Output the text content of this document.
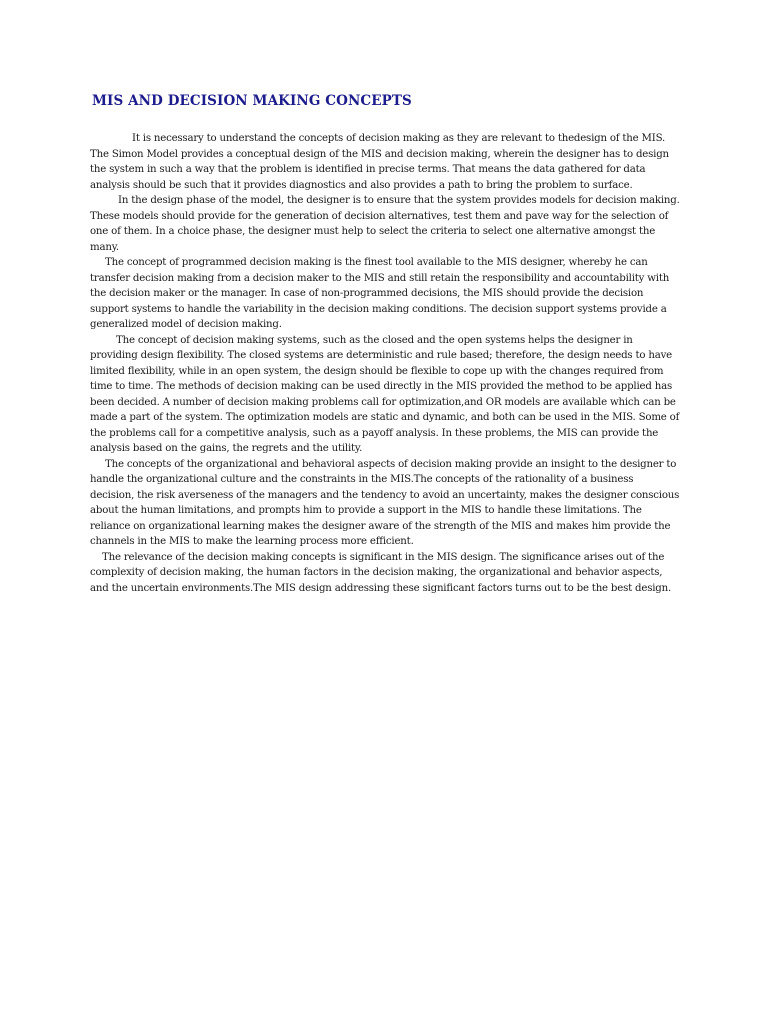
MIS AND DECISION MAKING CONCEPTS

It is necessary to understand the concepts of decision making as they are relevant to thedesign of the MIS. The Simon Model provides a conceptual design of the MIS and decision making, wherein the designer has to design the system in such a way that the problem is identified in precise terms. That means the data gathered for data analysis should be such that it provides diagnostics and also provides a path to bring the problem to surface.

In the design phase of the model, the designer is to ensure that the system provides models for decision making. These models should provide for the generation of decision alternatives, test them and pave way for the selection of one of them. In a choice phase, the designer must help to select the criteria to select one alternative amongst the many.

The concept of programmed decision making is the finest tool available to the MIS designer, whereby he can transfer decision making from a decision maker to the MIS and still retain the responsibility and accountability with the decision maker or the manager. In case of non-programmed decisions, the MIS should provide the decision support systems to handle the variability in the decision making conditions. The decision support systems provide a generalized model of decision making.

The concept of decision making systems, such as the closed and the open systems helps the designer in providing design flexibility. The closed systems are deterministic and rule based; therefore, the design needs to have limited flexibility, while in an open system, the design should be flexible to cope up with the changes required from time to time. The methods of decision making can be used directly in the MIS provided the method to be applied has been decided. A number of decision making problems call for optimization,and OR models are available which can be made a part of the system. The optimization models are static and dynamic, and both can be used in the MIS. Some of the problems call for a competitive analysis, such as a payoff analysis. In these problems, the MIS can provide the analysis based on the gains, the regrets and the utility.

The concepts of the organizational and behavioral aspects of decision making provide an insight to the designer to handle the organizational culture and the constraints in the MIS.The concepts of the rationality of a business decision, the risk averseness of the managers and the tendency to avoid an uncertainty, makes the designer conscious about the human limitations, and prompts him to provide a support in the MIS to handle these limitations. The reliance on organizational learning makes the designer aware of the strength of the MIS and makes him provide the channels in the MIS to make the learning process more efficient.

The relevance of the decision making concepts is significant in the MIS design. The significance arises out of the complexity of decision making, the human factors in the decision making, the organizational and behavior aspects, and the uncertain environments.The MIS design addressing these significant factors turns out to be the best design.
